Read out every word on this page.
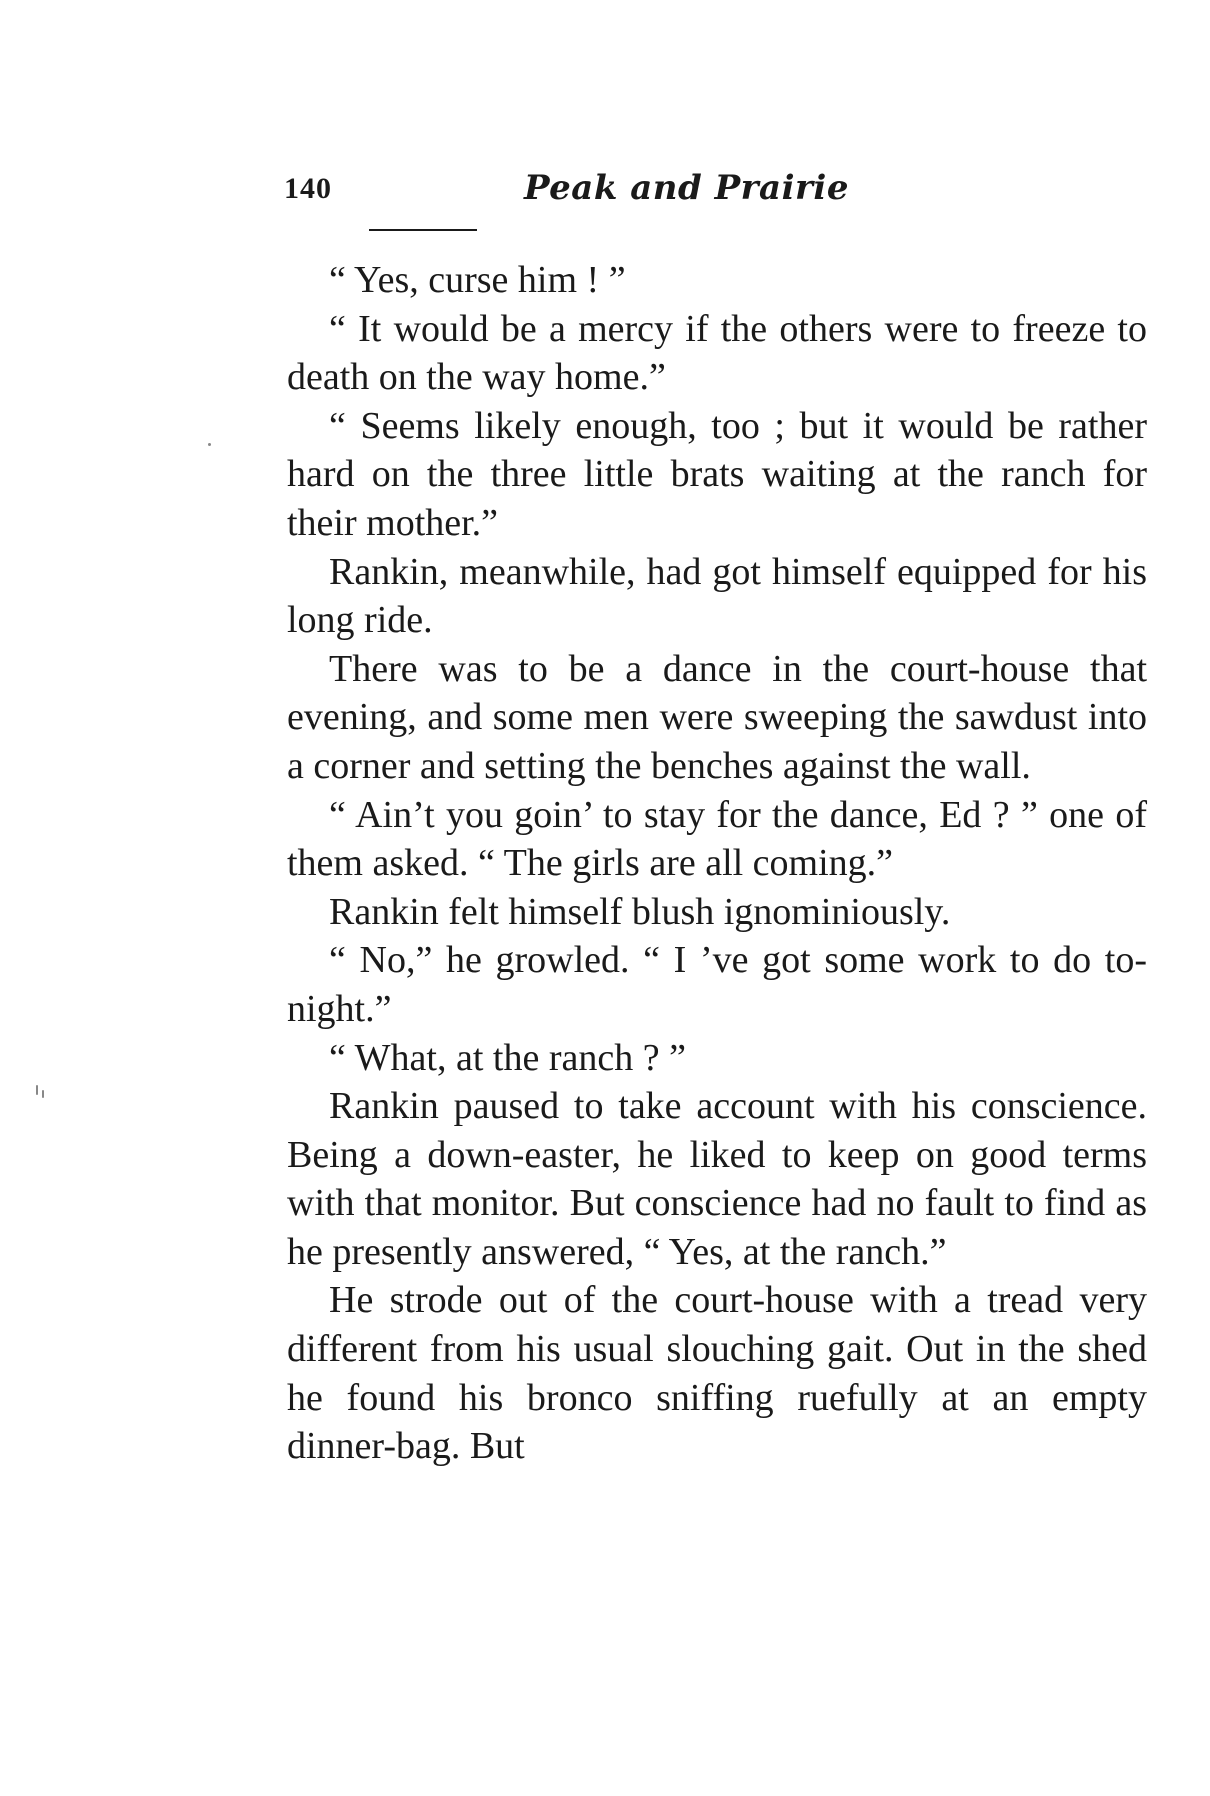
140	Peak and Prairie

“ Yes, curse him ! ”

“ It would be a mercy if the others were to freeze to death on the way home.”

“ Seems likely enough, too ; but it would be rather hard on the three little brats waiting at the ranch for their mother.”

Rankin, meanwhile, had got himself equipped for his long ride.

There was to be a dance in the court-house that evening, and some men were sweeping the sawdust into a corner and setting the benches against the wall.

“ Ain’t you goin’ to stay for the dance, Ed ? ” one of them asked. “ The girls are all coming.”

Rankin felt himself blush ignominiously.

“ No,” he growled. “ I ’ve got some work to do to-night.”

“ What, at the ranch ? ”

Rankin paused to take account with his conscience. Being a down-easter, he liked to keep on good terms with that monitor. But conscience had no fault to find as he presently answered, “ Yes, at the ranch.”

He strode out of the court-house with a tread very different from his usual slouching gait. Out in the shed he found his bronco sniffing ruefully at an empty dinner-bag. But
